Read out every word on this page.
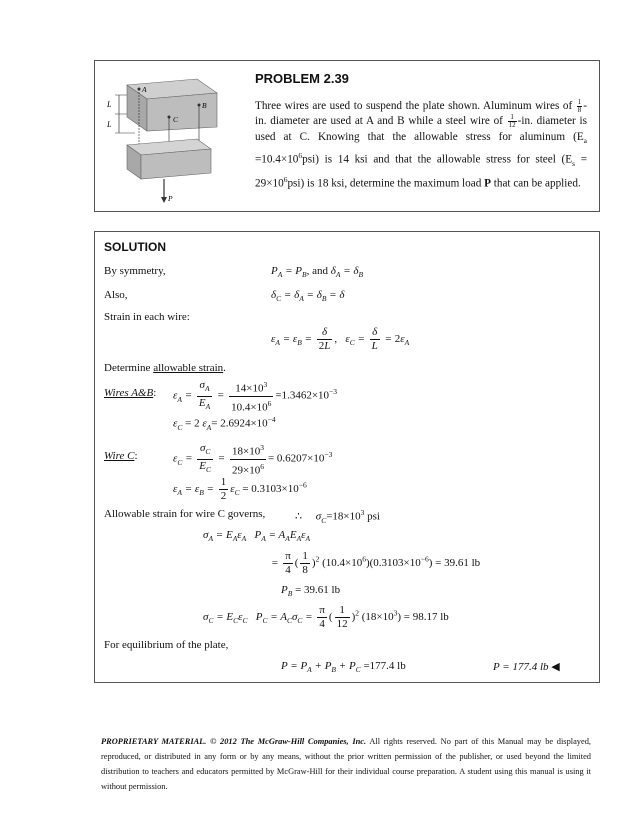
L
L
A
B
C
P
PROBLEM 2.39
Three wires are used to suspend the plate shown. Aluminum wires of $\frac{1}{8} -in$. diameter are used at A and B while a steel wire of $\frac{1}{12} -in$. diameter is used at C. Knowing that the allowable stress for aluminum $(E_a =10.4\times 10^6psi)$ is 14 ksi and that the allowable stress for steel $(E_s = 29\times 10^6psi)$ is 18 ksi, determine the maximum load P that can be applied.
SOLUTION
By symmetry,	$P_A = P_B$, and $\delta_A = \delta_B$
Also,	$\delta_C = \delta_A = \delta_B = \delta$
Strain in each wire:
$\varepsilon_A = \varepsilon_B = \frac{\delta}{2L}$ ,   $\varepsilon_C = \frac{\delta}{L} = 2\varepsilon_A$
Determine allowable strain.
Wires A&B: $\varepsilon_A = \frac{\sigma_A}{E_A} = \frac{14\times 10^3}{10.4\times 10^6} =1.3462\times 10^{-3}$
$\varepsilon_C = 2$ $\varepsilon_A= 2.6924\times 10^{-4}$
Wire C:	$\varepsilon_C = \frac{\sigma_C}{E_C} = \frac{18\times 10^3}{29\times 10^6} = 0.6207\times 10^{-3}$
$\varepsilon_A = \varepsilon_B = \frac{1}{2} \varepsilon_C = 0.3103\times 10^{-6}$
Allowable strain for wire C governs,	∴     $\sigma_C=18\times 10^3$ psi
$\sigma_A = E_A\varepsilon_A$   $P_A = A_AE_A\varepsilon_A$
= $\frac{\pi}{4}$ ( $\frac{1}{8} )^2$ $(10.4\times 10^6)(0.3103\times 10^{-6}) = 39.61$ lb
$P_B = 39.61$ lb
$\sigma_C = E_C\varepsilon_C$   $P_C = A_C\sigma_C = \frac{\pi}{4}$ ( $\frac{1}{12} )^2$ $(18\times 10^3) = 98.17$ lb
For equilibrium of the plate,
$P = P_A + P_B + P_C =177.4$ lb	P = 177.4 lb ◀
PROPRIETARY MATERIAL. © 2012 The McGraw-Hill Companies, Inc. All rights reserved. No part of this Manual may be displayed, reproduced, or distributed in any form or by any means, without the prior written permission of the publisher, or used beyond the limited distribution to teachers and educators permitted by McGraw-Hill for their individual course preparation. A student using this manual is using it without permission.
